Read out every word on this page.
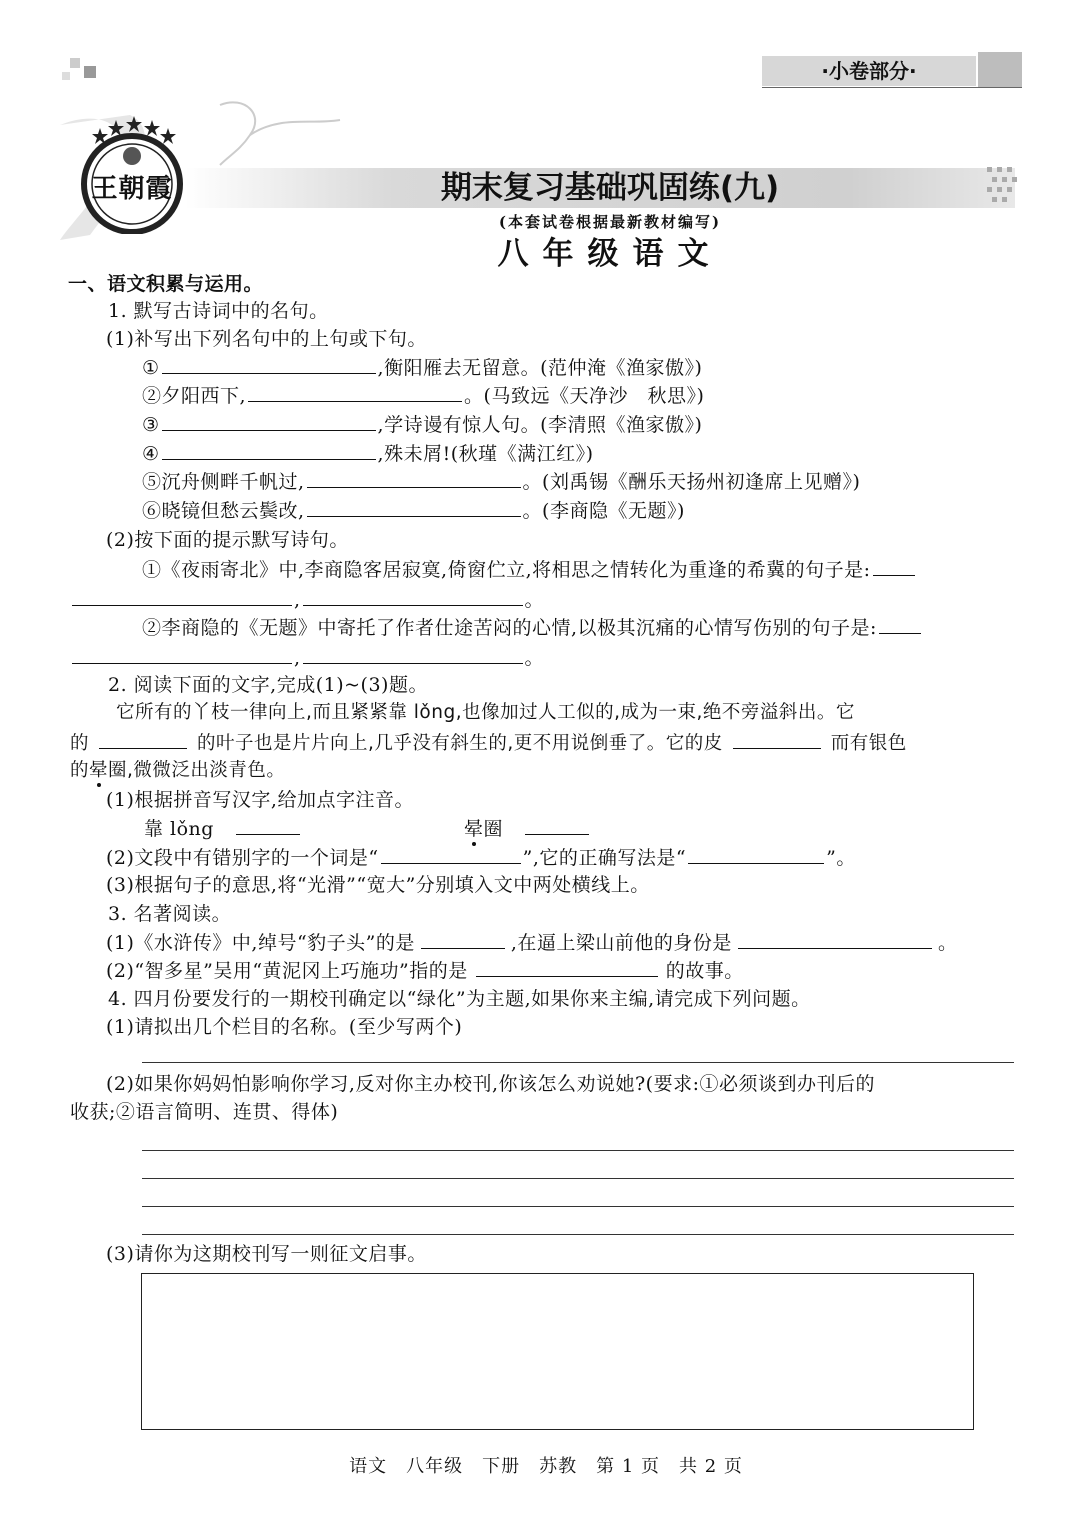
·小卷部分·
王朝霞	期末复习基础巩固练(九)
(本套试卷根据最新教材编写)
八年级语文
一、语文积累与运用。
1. 默写古诗词中的名句。
(1)补写出下列名句中的上句或下句。
①	,衡阳雁去无留意。(范仲淹《渔家傲》)
②夕阳西下,	。(马致远《天净沙　秋思》)
③	,学诗谩有惊人句。(李清照《渔家傲》)
④	,殊未屑!(秋瑾《满江红》)
⑤沉舟侧畔千帆过,	。(刘禹锡《酬乐天扬州初逢席上见赠》)
⑥晓镜但愁云鬓改,	。(李商隐《无题》)
(2)按下面的提示默写诗句。
①《夜雨寄北》中,李商隐客居寂寞,倚窗伫立,将相思之情转化为重逢的希冀的句子是:
,	。
②李商隐的《无题》中寄托了作者仕途苦闷的心情,以极其沉痛的心情写伤别的句子是:
,	。
2. 阅读下面的文字,完成(1)~(3)题。
它所有的丫枝一律向上,而且紧紧靠 lǒng,也像加过人工似的,成为一束,绝不旁溢斜出。它
的	的叶子也是片片向上,几乎没有斜生的,更不用说倒垂了。它的皮	而有银色
的晕圈,微微泛出淡青色。
(1)根据拼音写汉字,给加点字注音。
靠 lǒng	晕圈
(2)文段中有错别字的一个词是“	”,它的正确写法是“	”。
(3)根据句子的意思,将“光滑”“宽大”分别填入文中两处横线上。
3. 名著阅读。
(1)《水浒传》中,绰号“豹子头”的是	,在逼上梁山前他的身份是	。
(2)“智多星”吴用“黄泥冈上巧施功”指的是	的故事。
4. 四月份要发行的一期校刊确定以“绿化”为主题,如果你来主编,请完成下列问题。
(1)请拟出几个栏目的名称。(至少写两个)
(2)如果你妈妈怕影响你学习,反对你主办校刊,你该怎么劝说她?(要求:①必须谈到办刊后的
收获;②语言简明、连贯、得体)
(3)请你为这期校刊写一则征文启事。
语文　八年级　下册　苏教　第 1 页　共 2 页
